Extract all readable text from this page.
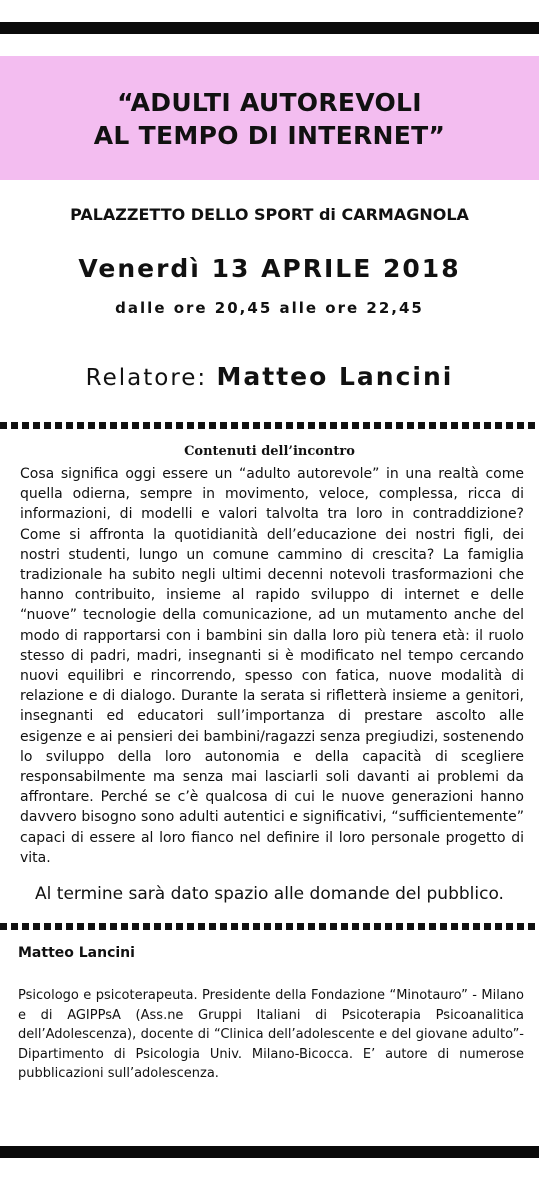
“ADULTI AUTOREVOLI
AL TEMPO DI INTERNET”
PALAZZETTO DELLO SPORT di CARMAGNOLA
Venerdì 13 APRILE 2018
dalle ore 20,45 alle ore 22,45
Relatore: Matteo Lancini
Contenuti dell’incontro
Cosa significa oggi essere un “adulto autorevole” in una realtà come quella odierna, sempre in movimento, veloce, complessa, ricca di informazioni, di modelli e valori talvolta tra loro in contraddizione? Come si affronta la quotidianità dell’educazione dei nostri figli, dei nostri studenti, lungo un comune cammino di crescita? La famiglia tradizionale ha subito negli ultimi decenni notevoli trasformazioni che hanno contribuito, insieme al rapido sviluppo di internet e delle “nuove” tecnologie della comunicazione, ad un mutamento anche del modo di rapportarsi con i bambini sin dalla loro più tenera età: il ruolo stesso di padri, madri, insegnanti si è modificato nel tempo cercando nuovi equilibri e rincorrendo, spesso con fatica, nuove modalità di relazione e di dialogo. Durante la serata si rifletterà insieme a genitori, insegnanti ed educatori sull’importanza di prestare ascolto alle esigenze e ai pensieri dei bambini/ragazzi senza pregiudizi, sostenendo lo sviluppo della loro autonomia e della capacità di scegliere responsabilmente ma senza mai lasciarli soli davanti ai problemi da affrontare. Perché se c’è qualcosa di cui le nuove generazioni hanno davvero bisogno sono adulti autentici e significativi, “sufficientemente” capaci di essere al loro fianco nel definire il loro personale progetto di vita.
Al termine sarà dato spazio alle domande del pubblico.
Matteo Lancini
Psicologo e psicoterapeuta. Presidente della Fondazione “Minotauro” - Milano e di AGIPPsA (Ass.ne Gruppi Italiani di Psicoterapia Psicoanalitica dell’Adolescenza), docente di “Clinica dell’adolescente e del giovane adulto”- Dipartimento di Psicologia Univ. Milano-Bicocca. E’ autore di numerose pubblicazioni sull’adolescenza.
